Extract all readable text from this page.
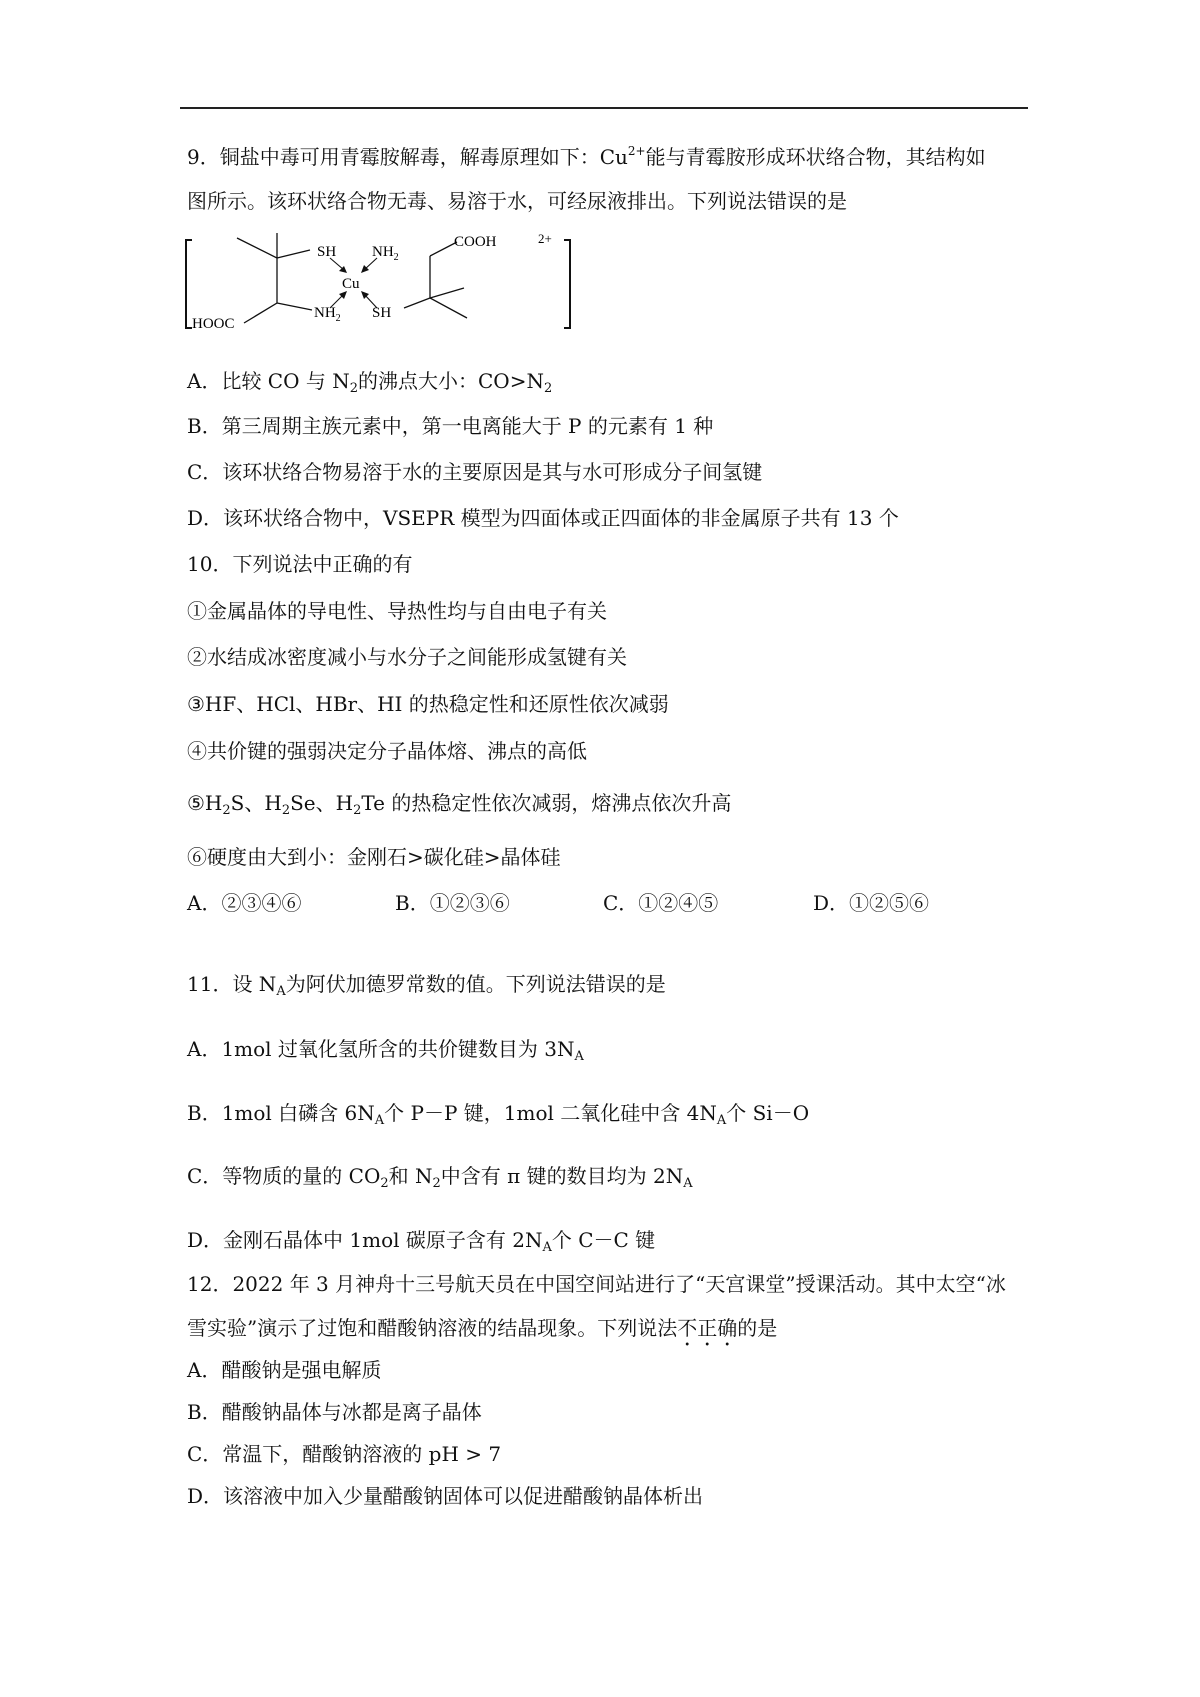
9．铜盐中毒可用青霉胺解毒，解毒原理如下：$Cu^{2+}$能与青霉胺形成环状络合物，其结构如
图所示。该环状络合物无毒、易溶于水，可经尿液排出。下列说法错误的是
SH $NH_2$
COOH	2+
Cu
$NH_2$ SH
HOOC
A．比较 CO 与 $N_2$的沸点大小：$CO>N_2$
B．第三周期主族元素中，第一电离能大于 P 的元素有 1 种
C．该环状络合物易溶于水的主要原因是其与水可形成分子间氢键
D．该环状络合物中，VSEPR 模型为四面体或正四面体的非金属原子共有 13 个
10．下列说法中正确的有
①金属晶体的导电性、导热性均与自由电子有关
②水结成冰密度减小与水分子之间能形成氢键有关
③HF、HCl、HBr、HI 的热稳定性和还原性依次减弱
④共价键的强弱决定分子晶体熔、沸点的高低
$⑤H_2S$、$H_2Se$、$H_2Te$ 的热稳定性依次减弱，熔沸点依次升高
⑥硬度由大到小：金刚石>碳化硅>晶体硅
A．②③④⑥	B．①②③⑥	C．①②④⑤	D．①②⑤⑥
11．设 $N_A$为阿伏加德罗常数的值。下列说法错误的是
A．1mol 过氧化氢所含的共价键数目为 $3N_A$
B．1mol 白磷含 $6N_A$个 P－P 键，1mol 二氧化硅中含 $4N_A$个 Si－O
C．等物质的量的 $CO_2$和 $N_2$中含有 π 键的数目均为 $2N_A$
D．金刚石晶体中 1mol 碳原子含有 $2N_A$个 C－C 键
12．2022 年 3 月神舟十三号航天员在中国空间站进行了“天宫课堂”授课活动。其中太空“冰
雪实验”演示了过饱和醋酸钠溶液的结晶现象。下列说法不正确的是
A．醋酸钠是强电解质
B．醋酸钠晶体与冰都是离子晶体
C．常温下，醋酸钠溶液的 pH > 7
D．该溶液中加入少量醋酸钠固体可以促进醋酸钠晶体析出
